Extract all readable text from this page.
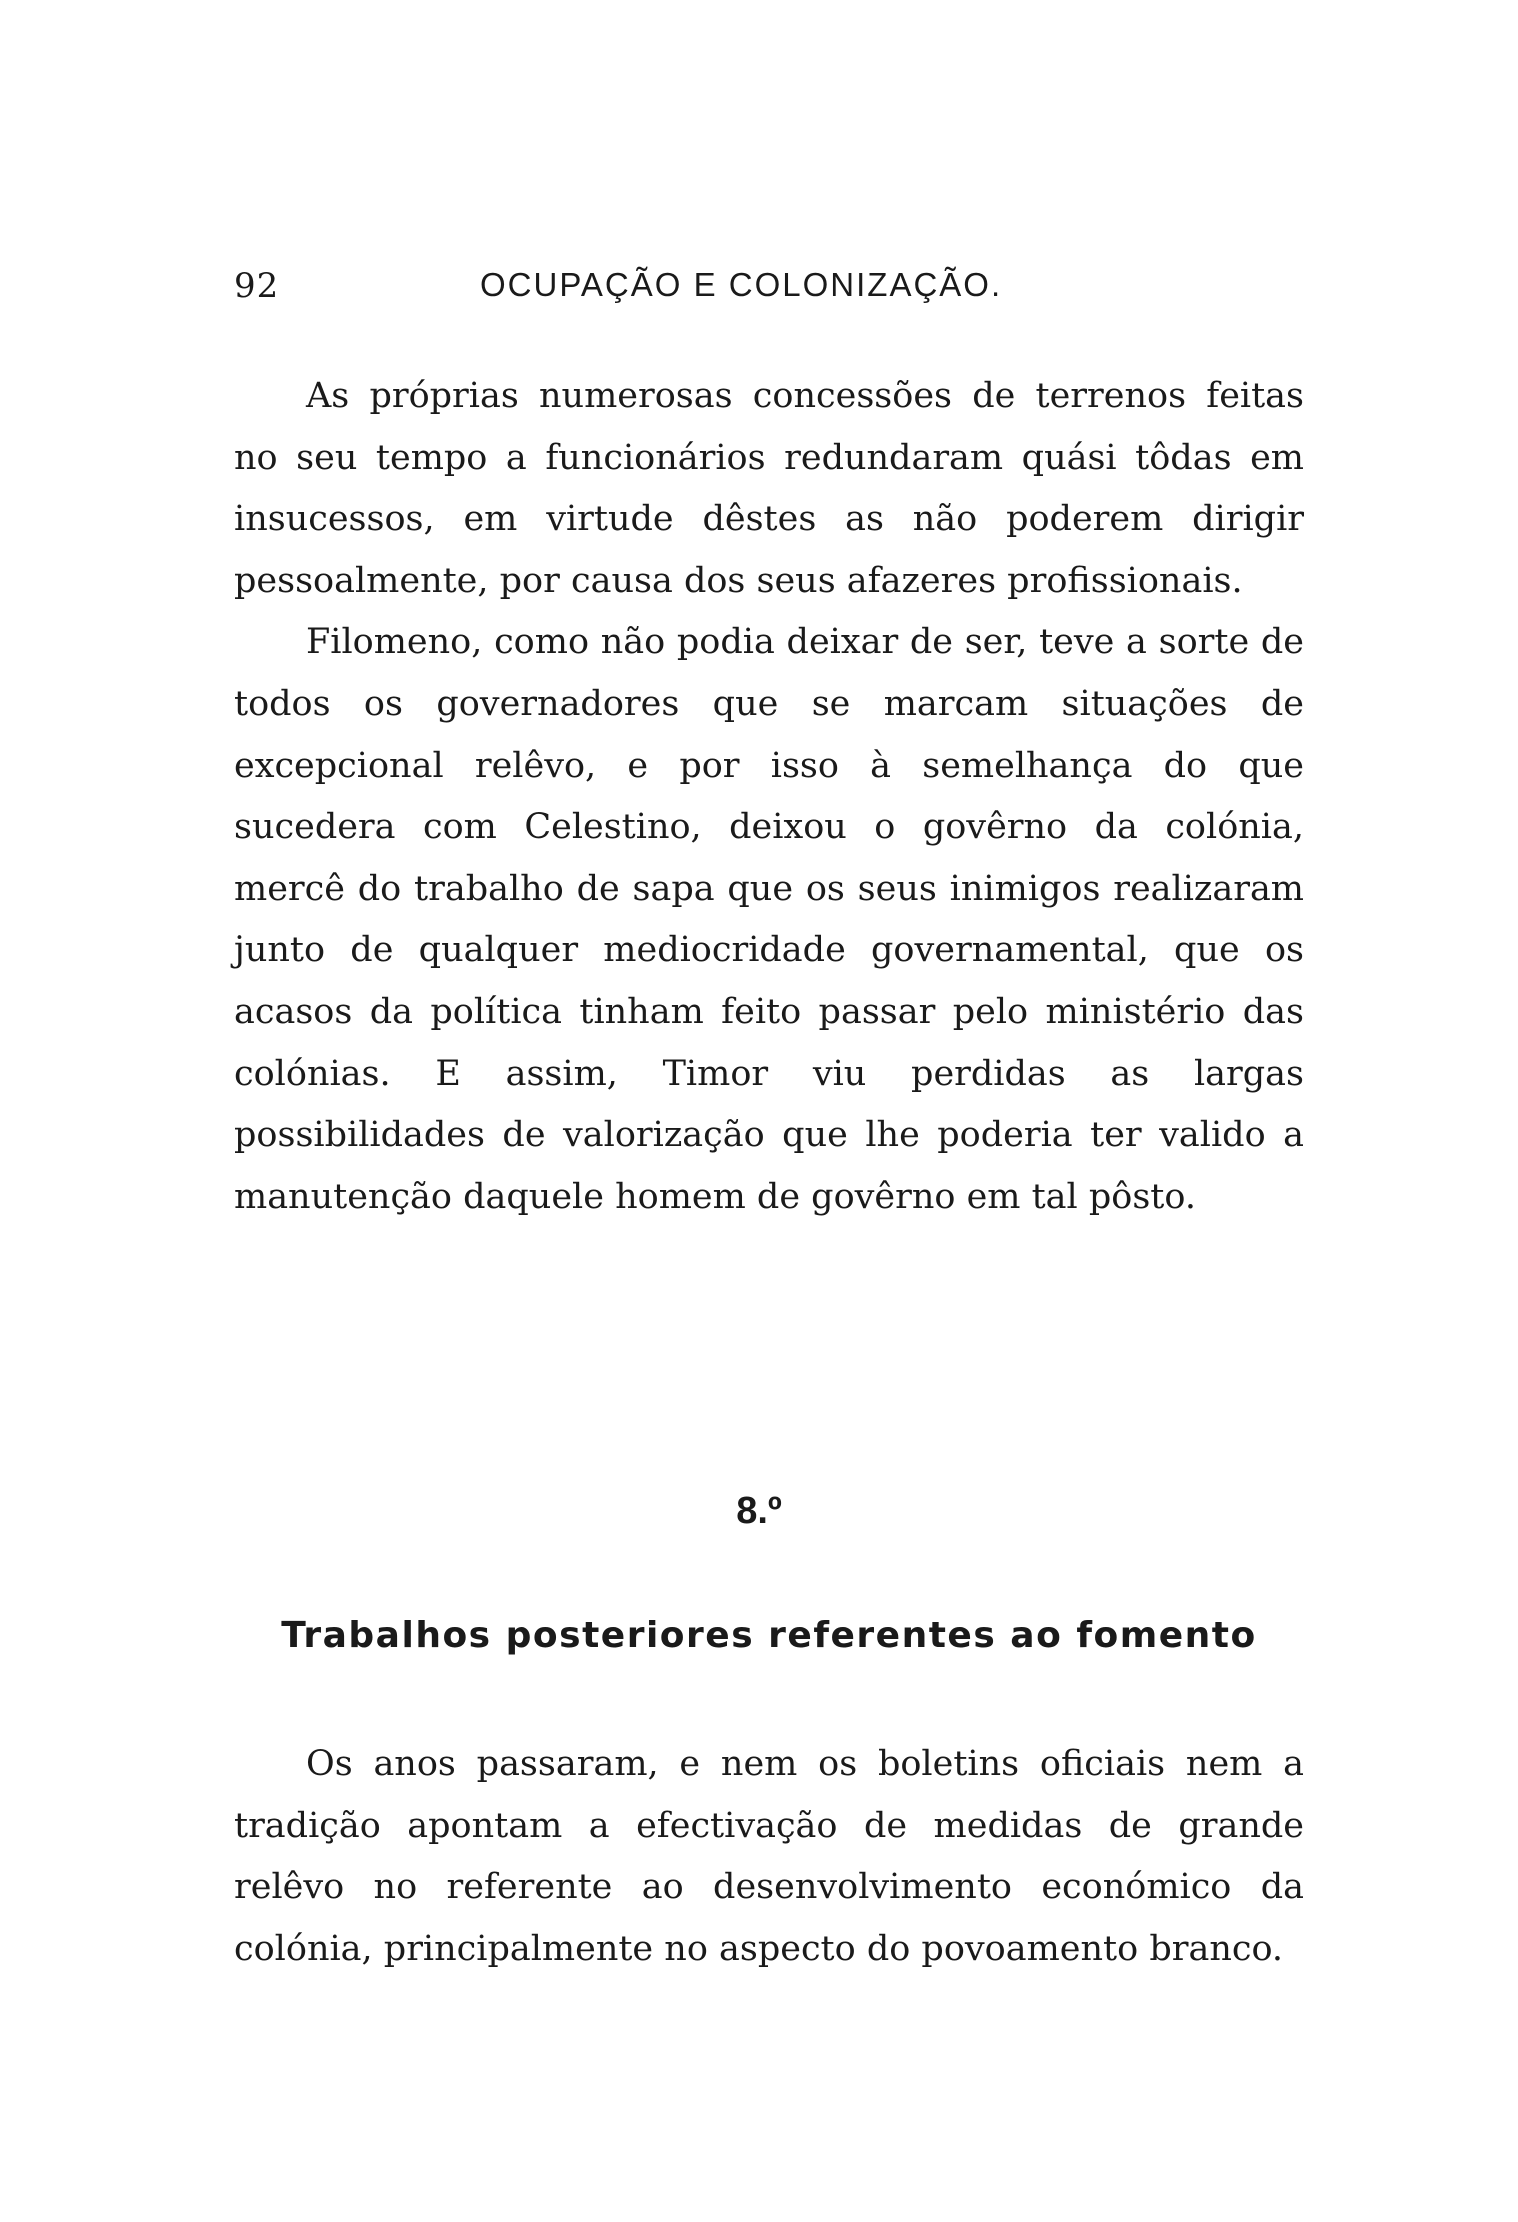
92	OCUPAÇÃO E COLONIZAÇÃO.

As próprias numerosas concessões de terrenos feitas no seu tempo a funcionários redundaram quási tôdas em insucessos, em virtude dêstes as não poderem dirigir pessoalmente, por causa dos seus afazeres profissionais.

Filomeno, como não podia deixar de ser, teve a sorte de todos os governadores que se marcam situações de excepcional relêvo, e por isso à semelhança do que sucedera com Celestino, deixou o govêrno da colónia, mercê do trabalho de sapa que os seus inimigos realizaram junto de qualquer mediocridade governamental, que os acasos da política tinham feito passar pelo ministério das colónias. E assim, Timor viu perdidas as largas possibilidades de valorização que lhe poderia ter valido a manutenção daquele homem de govêrno em tal pôsto.

8.º
Trabalhos posteriores referentes ao fomento

Os anos passaram, e nem os boletins oficiais nem a tradição apontam a efectivação de medidas de grande relêvo no referente ao desenvolvimento económico da colónia, principalmente no aspecto do povoamento branco.
